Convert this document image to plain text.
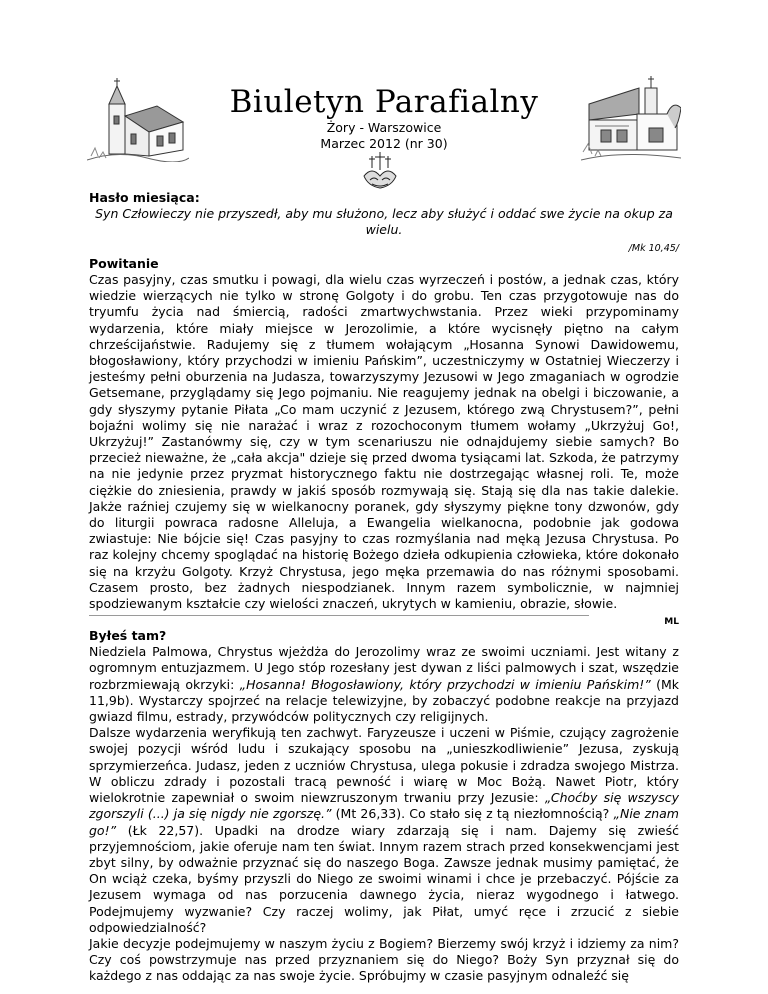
Biuletyn Parafialny
Żory - Warszowice
Marzec 2012 (nr 30)
Hasło miesiąca:
Syn Człowieczy nie przyszedł, aby mu służono, lecz aby służyć i oddać swe życie na okup za wielu.
/Mk 10,45/
Powitanie

Czas pasyjny, czas smutku i powagi, dla wielu czas wyrzeczeń i postów, a jednak czas, który wiedzie wierzących nie tylko w stronę Golgoty i do grobu. Ten czas przygotowuje nas do tryumfu życia nad śmiercią, radości zmartwychwstania. Przez wieki przypominamy wydarzenia, które miały miejsce w Jerozolimie, a które wycisnęły piętno na całym chrześcijaństwie. Radujemy się z tłumem wołającym „Hosanna Synowi Dawidowemu, błogosławiony, który przychodzi w imieniu Pańskim”, uczestniczymy w Ostatniej Wieczerzy i jesteśmy pełni oburzenia na Judasza, towarzyszymy Jezusowi w Jego zmaganiach w ogrodzie Getsemane, przyglądamy się Jego pojmaniu. Nie reagujemy jednak na obelgi i biczowanie, a gdy słyszymy pytanie Piłata „Co mam uczynić z Jezusem, którego zwą Chrystusem?”, pełni bojaźni wolimy się nie narażać i wraz z rozochoconym tłumem wołamy „Ukrzyżuj Go!, Ukrzyżuj!” Zastanówmy się, czy w tym scenariuszu nie odnajdujemy siebie samych? Bo przecież nieważne, że „cała akcja" dzieje się przed dwoma tysiącami lat. Szkoda, że patrzymy na nie jedynie przez pryzmat historycznego faktu nie dostrzegając własnej roli. Te, może ciężkie do zniesienia, prawdy w jakiś sposób rozmywają się. Stają się dla nas takie dalekie. Jakże raźniej czujemy się w wielkanocny poranek, gdy słyszymy piękne tony dzwonów, gdy do liturgii powraca radosne Alleluja, a Ewangelia wielkanocna, podobnie jak godowa zwiastuje: Nie bójcie się! Czas pasyjny to czas rozmyślania nad męką Jezusa Chrystusa. Po raz kolejny chcemy spoglądać na historię Bożego dzieła odkupienia człowieka, które dokonało się na krzyżu Golgoty. Krzyż Chrystusa, jego męka przemawia do nas różnymi sposobami. Czasem prosto, bez żadnych niespodzianek. Innym razem symbolicznie, w najmniej spodziewanym kształcie czy wielości znaczeń, ukrytych w kamieniu, obrazie, słowie.

ML
Byłeś tam?

Niedziela Palmowa, Chrystus wjeżdża do Jerozolimy wraz ze swoimi uczniami. Jest witany z ogromnym entuzjazmem. U Jego stóp rozesłany jest dywan z liści palmowych i szat, wszędzie rozbrzmiewają okrzyki: „Hosanna! Błogosławiony, który przychodzi w imieniu Pańskim!” (Mk 11,9b). Wystarczy spojrzeć na relacje telewizyjne, by zobaczyć podobne reakcje na przyjazd gwiazd filmu, estrady, przywódców politycznych czy religijnych.

Dalsze wydarzenia weryfikują ten zachwyt. Faryzeusze i uczeni w Piśmie, czujący zagrożenie swojej pozycji wśród ludu i szukający sposobu na „unieszkodliwienie” Jezusa, zyskują sprzymierzeńca. Judasz, jeden z uczniów Chrystusa, ulega pokusie i zdradza swojego Mistrza. W obliczu zdrady i pozostali tracą pewność i wiarę w Moc Bożą. Nawet Piotr, który wielokrotnie zapewniał o swoim niewzruszonym trwaniu przy Jezusie: „Choćby się wszyscy zgorszyli (...) ja się nigdy nie zgorszę.” (Mt 26,33). Co stało się z tą niezłomnością? „Nie znam go!” (Łk 22,57). Upadki na drodze wiary zdarzają się i nam. Dajemy się zwieść przyjemnościom, jakie oferuje nam ten świat. Innym razem strach przed konsekwencjami jest zbyt silny, by odważnie przyznać się do naszego Boga. Zawsze jednak musimy pamiętać, że On wciąż czeka, byśmy przyszli do Niego ze swoimi winami i chce je przebaczyć. Pójście za Jezusem wymaga od nas porzucenia dawnego życia, nieraz wygodnego i łatwego. Podejmujemy wyzwanie? Czy raczej wolimy, jak Piłat, umyć ręce i zrzucić z siebie odpowiedzialność?

Jakie decyzje podejmujemy w naszym życiu z Bogiem? Bierzemy swój krzyż i idziemy za nim? Czy coś powstrzymuje nas przed przyznaniem się do Niego? Boży Syn przyznał się do każdego z nas oddając za nas swoje życie. Spróbujmy w czasie pasyjnym odnaleźć się
